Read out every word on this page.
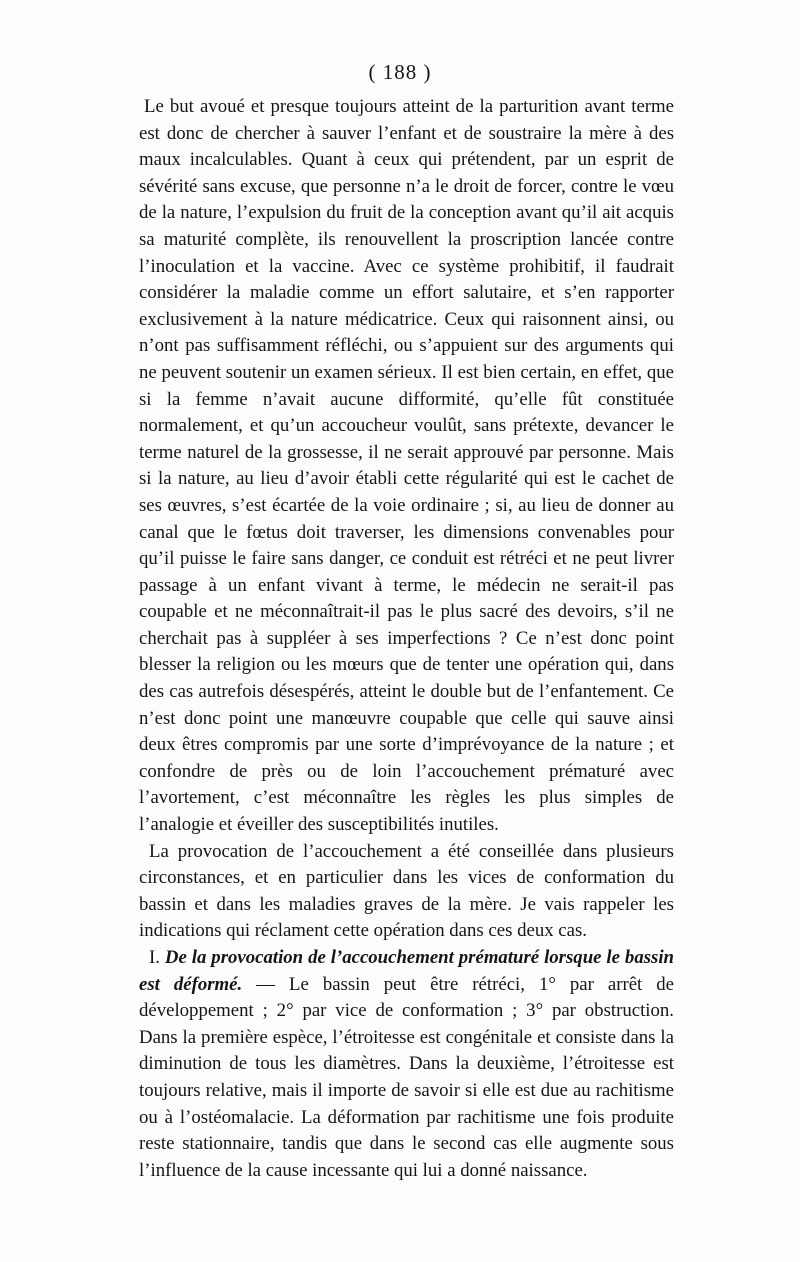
( 188 )

Le but avoué et presque toujours atteint de la parturition avant terme est donc de chercher à sauver l’enfant et de soustraire la mère à des maux incalculables. Quant à ceux qui prétendent, par un esprit de sévérité sans excuse, que personne n’a le droit de forcer, contre le vœu de la nature, l’expulsion du fruit de la conception avant qu’il ait acquis sa maturité complète, ils renouvellent la proscription lancée contre l’inoculation et la vaccine. Avec ce système prohibitif, il faudrait considérer la maladie comme un effort salutaire, et s’en rapporter exclusivement à la nature médicatrice. Ceux qui raisonnent ainsi, ou n’ont pas suffisamment réfléchi, ou s’appuient sur des arguments qui ne peuvent soutenir un examen sérieux. Il est bien certain, en effet, que si la femme n’avait aucune difformité, qu’elle fût constituée normalement, et qu’un accoucheur voulût, sans prétexte, devancer le terme naturel de la grossesse, il ne serait approuvé par personne. Mais si la nature, au lieu d’avoir établi cette régularité qui est le cachet de ses œuvres, s’est écartée de la voie ordinaire ; si, au lieu de donner au canal que le fœtus doit traverser, les dimensions convenables pour qu’il puisse le faire sans danger, ce conduit est rétréci et ne peut livrer passage à un enfant vivant à terme, le médecin ne serait-il pas coupable et ne méconnaîtrait-il pas le plus sacré des devoirs, s’il ne cherchait pas à suppléer à ses imperfections ? Ce n’est donc point blesser la religion ou les mœurs que de tenter une opération qui, dans des cas autrefois désespérés, atteint le double but de l’enfantement. Ce n’est donc point une manœuvre coupable que celle qui sauve ainsi deux êtres compromis par une sorte d’imprévoyance de la nature ; et confondre de près ou de loin l’accouchement prématuré avec l’avortement, c’est méconnaître les règles les plus simples de l’analogie et éveiller des susceptibilités inutiles.

La provocation de l’accouchement a été conseillée dans plusieurs circonstances, et en particulier dans les vices de conformation du bassin et dans les maladies graves de la mère. Je vais rappeler les indications qui réclament cette opération dans ces deux cas.

I. De la provocation de l’accouchement prématuré lorsque le bassin est déformé. — Le bassin peut être rétréci, 1° par arrêt de développement ; 2° par vice de conformation ; 3° par obstruction. Dans la première espèce, l’étroitesse est congénitale et consiste dans la diminution de tous les diamètres. Dans la deuxième, l’étroitesse est toujours relative, mais il importe de savoir si elle est due au rachitisme ou à l’ostéomalacie. La déformation par rachitisme une fois produite reste stationnaire, tandis que dans le second cas elle augmente sous l’influence de la cause incessante qui lui a donné naissance.
